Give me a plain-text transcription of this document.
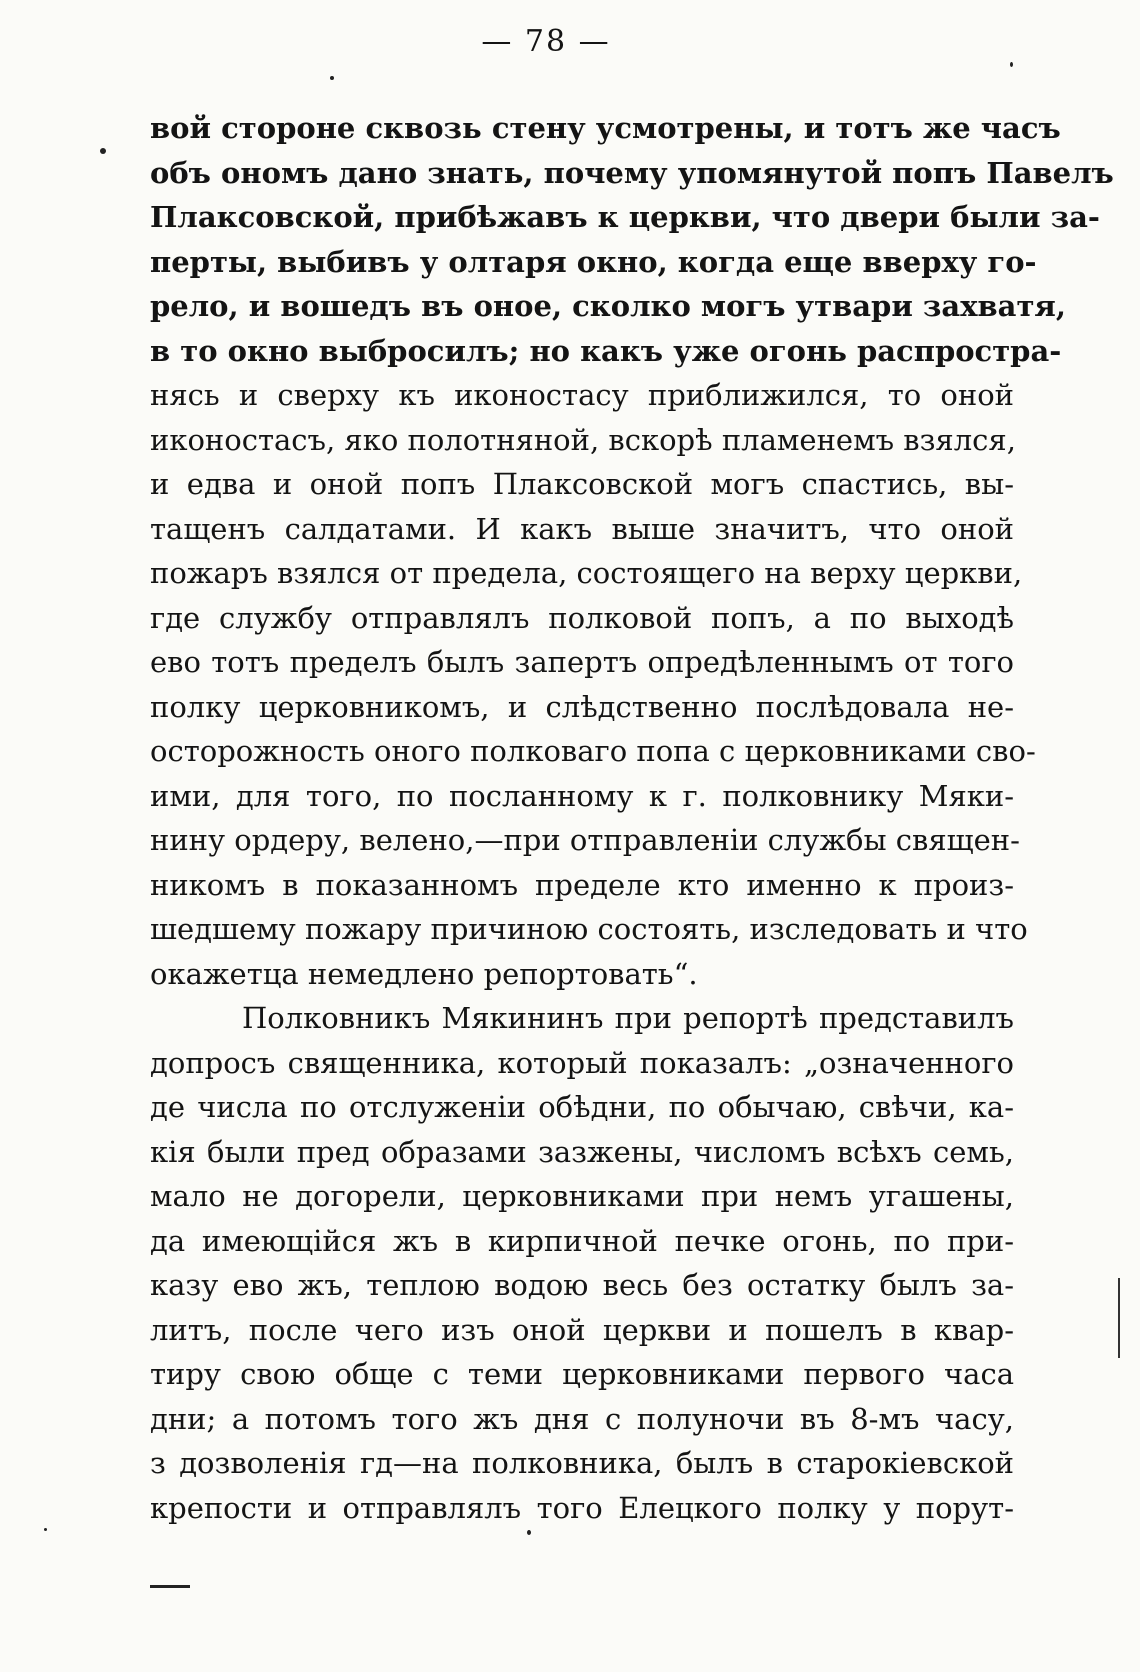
— 78 —
вой стороне сквозь стену усмотрены, и тотъ же часъ
объ ономъ дано знать, почему упомянутой попъ Павелъ
Плаксовской, прибѣжавъ к церкви, что двери были за-
перты, выбивъ у олтаря окно, когда еще вверху го-
рело, и вошедъ въ оное, сколко могъ утвари захватя,
в то окно выбросилъ; но какъ уже огонь распростра-
нясь и сверху къ иконостасу приближился, то оной
иконостасъ, яко полотняной, вскорѣ пламенемъ взялся,
и едва и оной попъ Плаксовской могъ спастись, вы-
тащенъ салдатами. И какъ выше значитъ, что оной
пожаръ взялся от предела, состоящего на верху церкви,
где службу отправлялъ полковой попъ, а по выходѣ
ево тотъ пределъ былъ запертъ опредѣленнымъ от того
полку церковникомъ, и слѣдственно послѣдовала не-
осторожность оного полковаго попа с церковниками сво-
ими, для того, по посланному к г. полковнику Мяки-
нину ордеру, велено,—при отправленіи службы священ-
никомъ в показанномъ пределе кто именно к произ-
шедшему пожару причиною состоять, изследовать и что
окажетца немедлено репортовать“.
Полковникъ Мякининъ при репортѣ представилъ
допросъ священника, который показалъ: „означенного
де числа по отслуженіи обѣдни, по обычаю, свѣчи, ка-
кія были пред образами зазжены, числомъ всѣхъ семь,
мало не догорели, церковниками при немъ угашены,
да имеющійся жъ в кирпичной печке огонь, по при-
казу ево жъ, теплою водою весь без остатку былъ за-
литъ, после чего изъ оной церкви и пошелъ в квар-
тиру свою обще с теми церковниками первого часа
дни; а потомъ того жъ дня с полуночи въ 8-мъ часу,
з дозволенія гд—на полковника, былъ в старокіевской
крепости и отправлялъ того Елецкого полку у порут-
